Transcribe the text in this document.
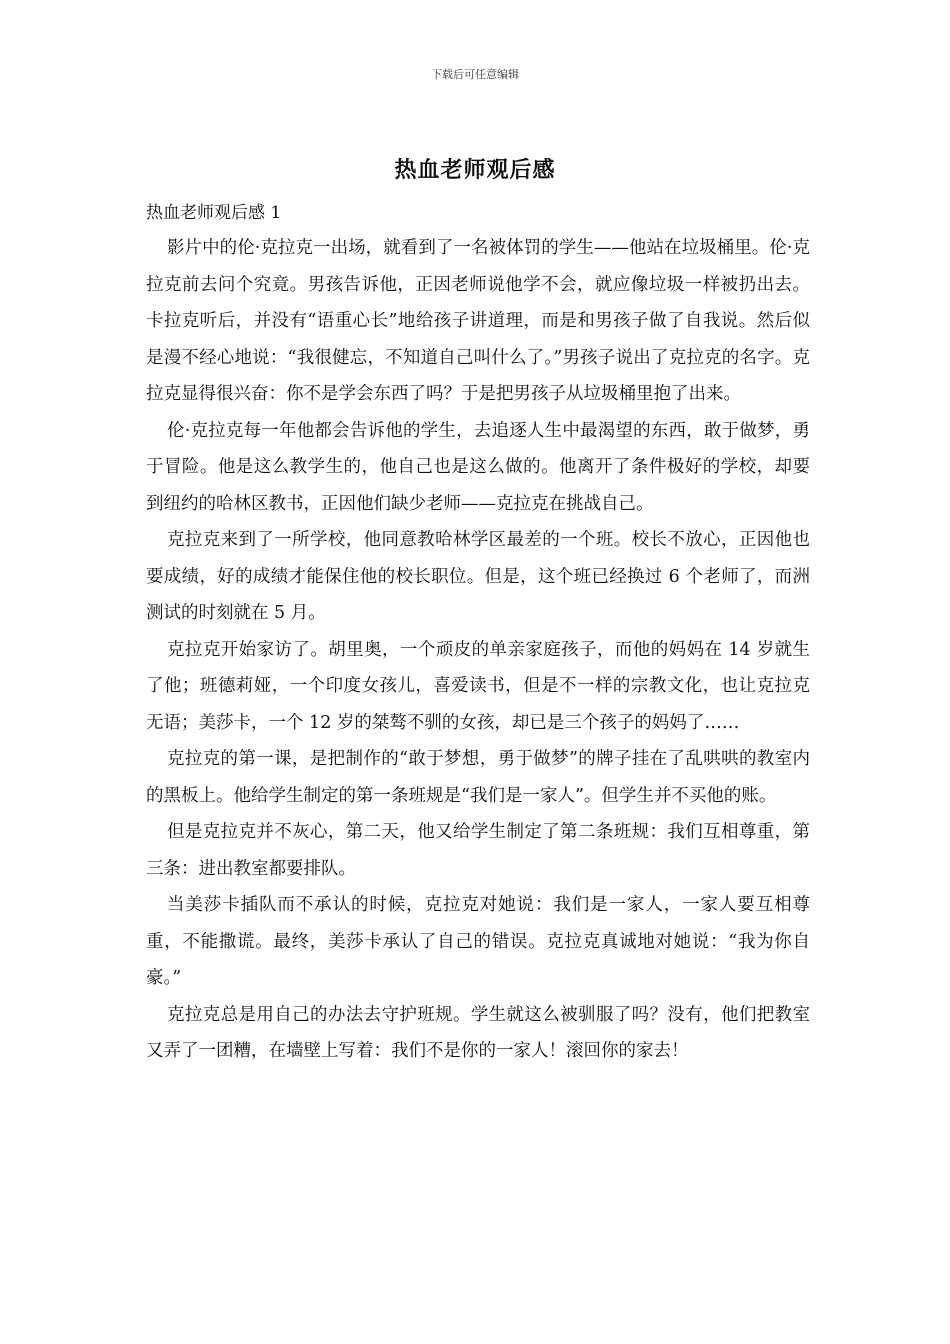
下载后可任意编辑
热血老师观后感
热血老师观后感 1

影片中的伦·克拉克一出场，就看到了一名被体罚的学生——他站在垃圾桶里。伦·克拉克前去问个究竟。男孩告诉他，正因老师说他学不会，就应像垃圾一样被扔出去。卡拉克听后，并没有“语重心长”地给孩子讲道理，而是和男孩子做了自我说。然后似是漫不经心地说：“我很健忘，不知道自己叫什么了。”男孩子说出了克拉克的名字。克拉克显得很兴奋：你不是学会东西了吗？于是把男孩子从垃圾桶里抱了出来。

伦·克拉克每一年他都会告诉他的学生，去追逐人生中最渴望的东西，敢于做梦，勇于冒险。他是这么教学生的，他自己也是这么做的。他离开了条件极好的学校，却要到纽约的哈林区教书，正因他们缺少老师——克拉克在挑战自己。

克拉克来到了一所学校，他同意教哈林学区最差的一个班。校长不放心，正因他也要成绩，好的成绩才能保住他的校长职位。但是，这个班已经换过 6 个老师了，而洲测试的时刻就在 5 月。

克拉克开始家访了。胡里奥，一个顽皮的单亲家庭孩子，而他的妈妈在 14 岁就生了他；班德莉娅，一个印度女孩儿，喜爱读书，但是不一样的宗教文化，也让克拉克无语；美莎卡，一个 12 岁的桀骜不驯的女孩，却已是三个孩子的妈妈了……

克拉克的第一课，是把制作的“敢于梦想，勇于做梦”的牌子挂在了乱哄哄的教室内的黑板上。他给学生制定的第一条班规是“我们是一家人”。但学生并不买他的账。

但是克拉克并不灰心，第二天，他又给学生制定了第二条班规：我们互相尊重，第三条：进出教室都要排队。

当美莎卡插队而不承认的时候，克拉克对她说：我们是一家人，一家人要互相尊重，不能撒谎。最终，美莎卡承认了自己的错误。克拉克真诚地对她说：“我为你自豪。”

克拉克总是用自己的办法去守护班规。学生就这么被驯服了吗？没有，他们把教室又弄了一团糟，在墙壁上写着：我们不是你的一家人！滚回你的家去！
